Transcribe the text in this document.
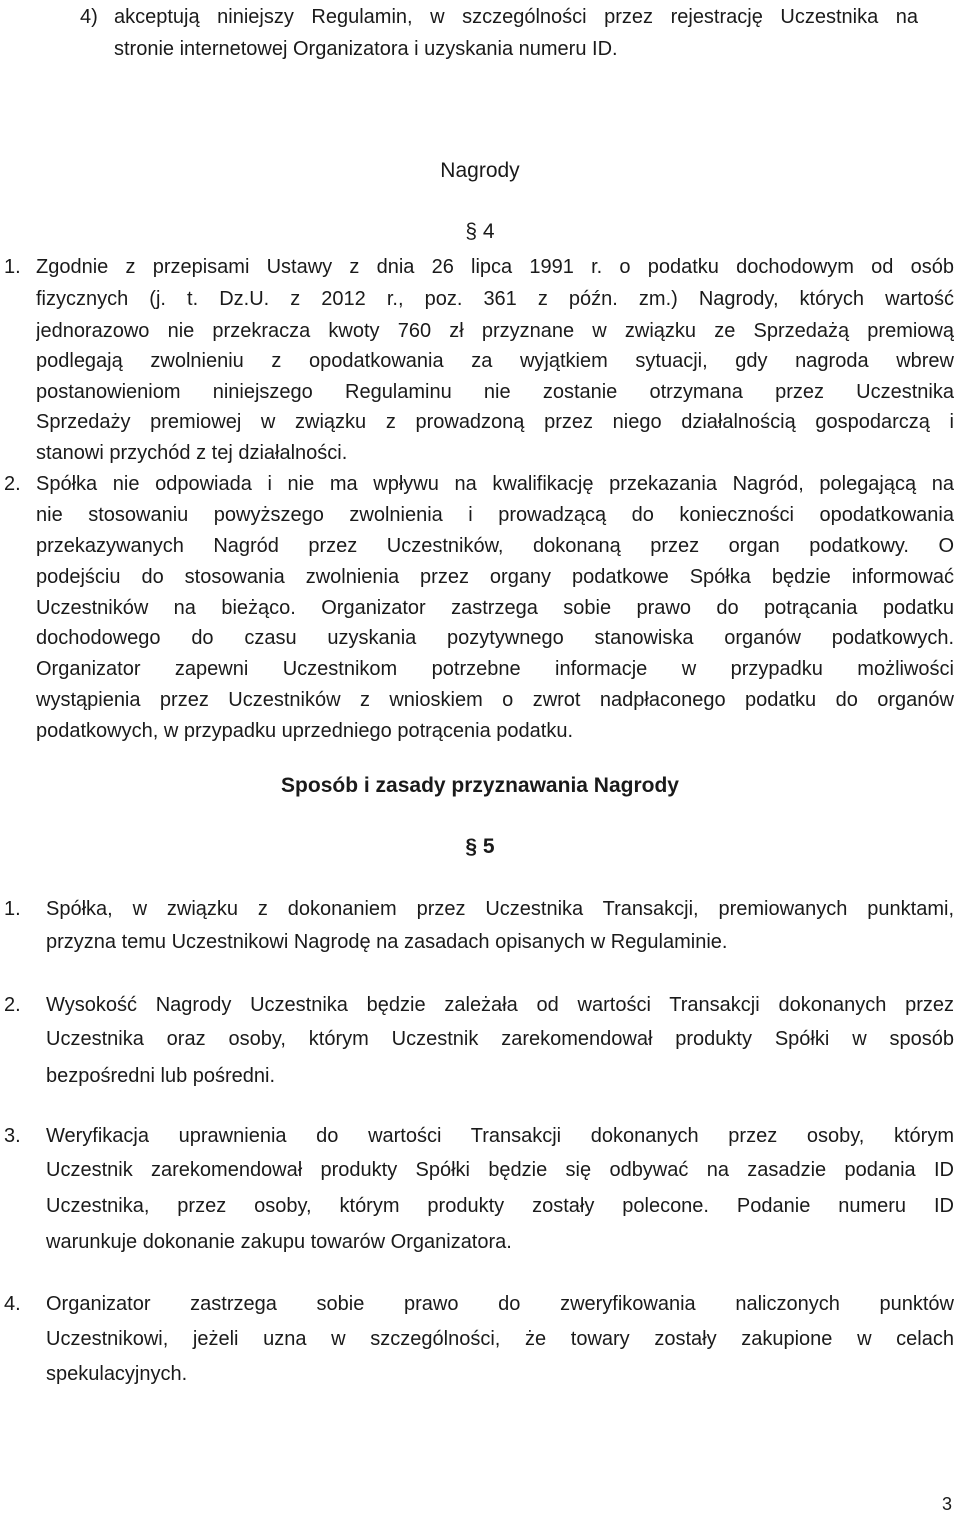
4) akceptują niniejszy Regulamin, w szczególności przez rejestrację Uczestnika na
stronie internetowej Organizatora i uzyskania numeru ID.
Nagrody
§ 4
1. Zgodnie z przepisami Ustawy z dnia 26 lipca 1991 r. o podatku dochodowym od osób
fizycznych (j. t. Dz.U. z 2012 r., poz. 361 z późn. zm.) Nagrody, których wartość
jednorazowo nie przekracza kwoty 760 zł przyznane w związku ze Sprzedażą premiową
podlegają zwolnieniu z opodatkowania za wyjątkiem sytuacji, gdy nagroda wbrew
postanowieniom niniejszego Regulaminu nie zostanie otrzymana przez Uczestnika
Sprzedaży premiowej w związku z prowadzoną przez niego działalnością gospodarczą i
stanowi przychód z tej działalności.
2. Spółka nie odpowiada i nie ma wpływu na kwalifikację przekazania Nagród, polegającą na
nie stosowaniu powyższego zwolnienia i prowadzącą do konieczności opodatkowania
przekazywanych Nagród przez Uczestników, dokonaną przez organ podatkowy. O
podejściu do stosowania zwolnienia przez organy podatkowe Spółka będzie informować
Uczestników na bieżąco. Organizator zastrzega sobie prawo do potrącania podatku
dochodowego do czasu uzyskania pozytywnego stanowiska organów podatkowych.
Organizator zapewni Uczestnikom potrzebne informacje w przypadku możliwości
wystąpienia przez Uczestników z wnioskiem o zwrot nadpłaconego podatku do organów
podatkowych, w przypadku uprzedniego potrącenia podatku.
Sposób i zasady przyznawania Nagrody
§ 5
1. Spółka, w związku z dokonaniem przez Uczestnika Transakcji, premiowanych punktami,
przyzna temu Uczestnikowi Nagrodę na zasadach opisanych w Regulaminie.
2. Wysokość Nagrody Uczestnika będzie zależała od wartości Transakcji dokonanych przez
Uczestnika oraz osoby, którym Uczestnik zarekomendował produkty Spółki w sposób
bezpośredni lub pośredni.
3. Weryfikacja uprawnienia do wartości Transakcji dokonanych przez osoby, którym
Uczestnik zarekomendował produkty Spółki będzie się odbywać na zasadzie podania ID
Uczestnika, przez osoby, którym produkty zostały polecone. Podanie numeru ID
warunkuje dokonanie zakupu towarów Organizatora.
4. Organizator zastrzega sobie prawo do zweryfikowania naliczonych punktów
Uczestnikowi, jeżeli uzna w szczególności, że towary zostały zakupione w celach
spekulacyjnych.
3
